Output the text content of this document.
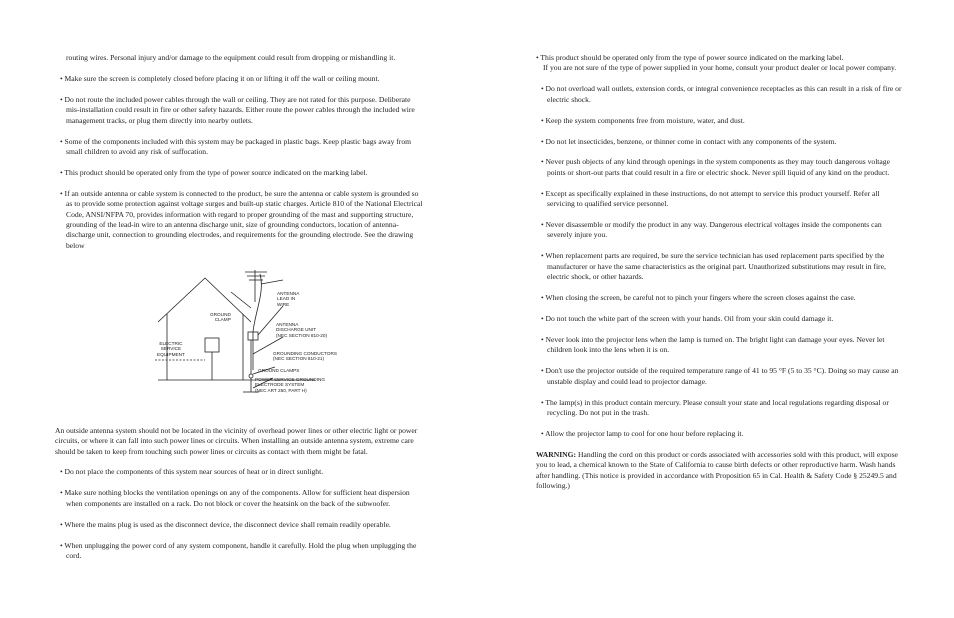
routing wires. Personal injury and/or damage to the equipment could result from dropping or mishandling it.

• Make sure the screen is completely closed before placing it on or lifting it off the wall or ceiling mount.

• Do not route the included power cables through the wall or ceiling. They are not rated for this purpose. Deliberate mis-installation could result in fire or other safety hazards. Either route the power cables through the included wire management tracks, or plug them directly into nearby outlets.

• Some of the components included with this system may be packaged in plastic bags. Keep plastic bags away from small children to avoid any risk of suffocation.

• This product should be operated only from the type of power source indicated on the marking label.

• If an outside antenna or cable system is connected to the product, be sure the antenna or cable system is grounded so as to provide some protection against voltage surges and built-up static charges. Article 810 of the National Electrical Code, ANSI/NFPA 70, provides information with regard to proper grounding of the mast and supporting structure, grounding of the lead-in wire to an antenna discharge unit, size of grounding conductors, location of antenna-discharge unit, connection to grounding electrodes, and requirements for the grounding electrode. See the drawing below

ANTENNA
LEAD IN
WIRE
GROUND
CLAMP
ANTENNA
DISCHARGE UNIT
(NEC SECTION 810-20)
ELECTRIC
SERVICE
EQUIPMENT	GROUNDING CONDUCTORS
(NEC SECTION 810-21)
GROUND CLAMPS
POWER SERVICE GROUNDING
ELECTRODE SYSTEM
(NEC ART 250, PART H)

An outside antenna system should not be located in the vicinity of overhead power lines or other electric light or power circuits, or where it can fall into such power lines or circuits. When installing an outside antenna system, extreme care should be taken to keep from touching such power lines or circuits as contact with them might be fatal.

• Do not place the components of this system near sources of heat or in direct sunlight.

• Make sure nothing blocks the ventilation openings on any of the components. Allow for sufficient heat dispersion when components are installed on a rack. Do not block or cover the heatsink on the back of the subwoofer.

• Where the mains plug is used as the disconnect device, the disconnect device shall remain readily operable.

• When unplugging the power cord of any system component, handle it carefully. Hold the plug when unplugging the cord.

• This product should be operated only from the type of power source indicated on the marking label.
If you are not sure of the type of power supplied in your home, consult your product dealer or local power company.

• Do not overload wall outlets, extension cords, or integral convenience receptacles as this can result in a risk of fire or electric shock.

• Keep the system components free from moisture, water, and dust.

• Do not let insecticides, benzene, or thinner come in contact with any components of the system.

• Never push objects of any kind through openings in the system components as they may touch dangerous voltage points or short-out parts that could result in a fire or electric shock. Never spill liquid of any kind on the product.

• Except as specifically explained in these instructions, do not attempt to service this product yourself. Refer all servicing to qualified service personnel.

• Never disassemble or modify the product in any way. Dangerous electrical voltages inside the components can severely injure you.

• When replacement parts are required, be sure the service technician has used replacement parts specified by the manufacturer or have the same characteristics as the original part. Unauthorized substitutions may result in fire, electric shock, or other hazards.

• When closing the screen, be careful not to pinch your fingers where the screen closes against the case.

• Do not touch the white part of the screen with your hands. Oil from your skin could damage it.

• Never look into the projector lens when the lamp is turned on. The bright light can damage your eyes. Never let children look into the lens when it is on.

• Don't use the projector outside of the required temperature range of 41 to 95 °F (5 to 35 °C). Doing so may cause an unstable display and could lead to projector damage.

• The lamp(s) in this product contain mercury. Please consult your state and local regulations regarding disposal or recycling. Do not put in the trash.

• Allow the projector lamp to cool for one hour before replacing it.

WARNING: Handling the cord on this product or cords associated with accessories sold with this product, will expose you to lead, a chemical known to the State of California to cause birth defects or other reproductive harm. Wash hands after handling. (This notice is provided in accordance with Proposition 65 in Cal. Health & Safety Code § 25249.5 and following.)
